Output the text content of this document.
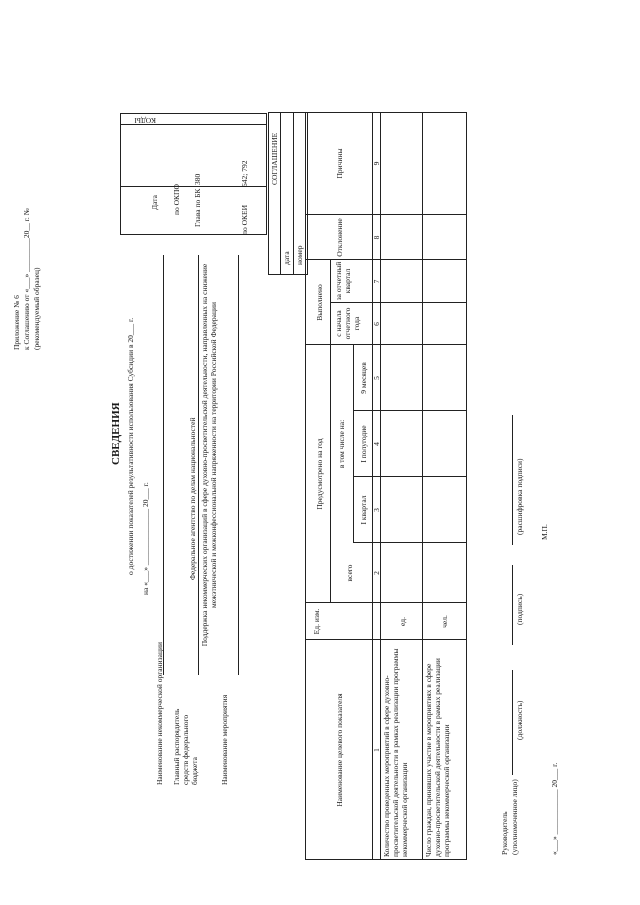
Приложение № 6 к Соглашению от «___» _________20__ г. № (рекомендуемый образец)
СВЕДЕНИЯ о достижении показателей результативности использования Субсидии в 20___ г. на «___» _______________ 20___ г.
КОДЫ
Дата по ОКПО Глава по БК
380
по ОКЕИ
642; 792	СОГЛАШЕНИЕ
дата номер
Наименование некоммерческой организации Главный распорядитель средств федерального бюджета
Федеральное агентство по делам национальностей
Наименование мероприятия
Поддержка некоммерческих организаций в сфере духовно-просветительской деятельности, направленных на снижение межэтнической и межконфессиональной напряженности на территории Российской Федерации
Наименование целевого показателя
Ед. изм.
Предусмотрено на год
всего
в том числе на:
I квартал
I полугодие
9 месяцев
Выполнено
с начала отчетного года
за отчетный квартал
Отклонение
Причины
1
2
3
4
5
6
7
8
9
Количество проведенных мероприятий в сфере духовно-просветительской деятельности в рамках реализации программы некоммерческой организации
ед.
Число граждан, принявших участие в мероприятиях в сфере духовно-просветительской деятельности в рамках реализации программы некоммерческой организации
чел.
Руководитель (уполномоченное лицо)
(должность)
(подпись)
(расшифровка подписи) М.П.
«___» ____________ 20___ г.
